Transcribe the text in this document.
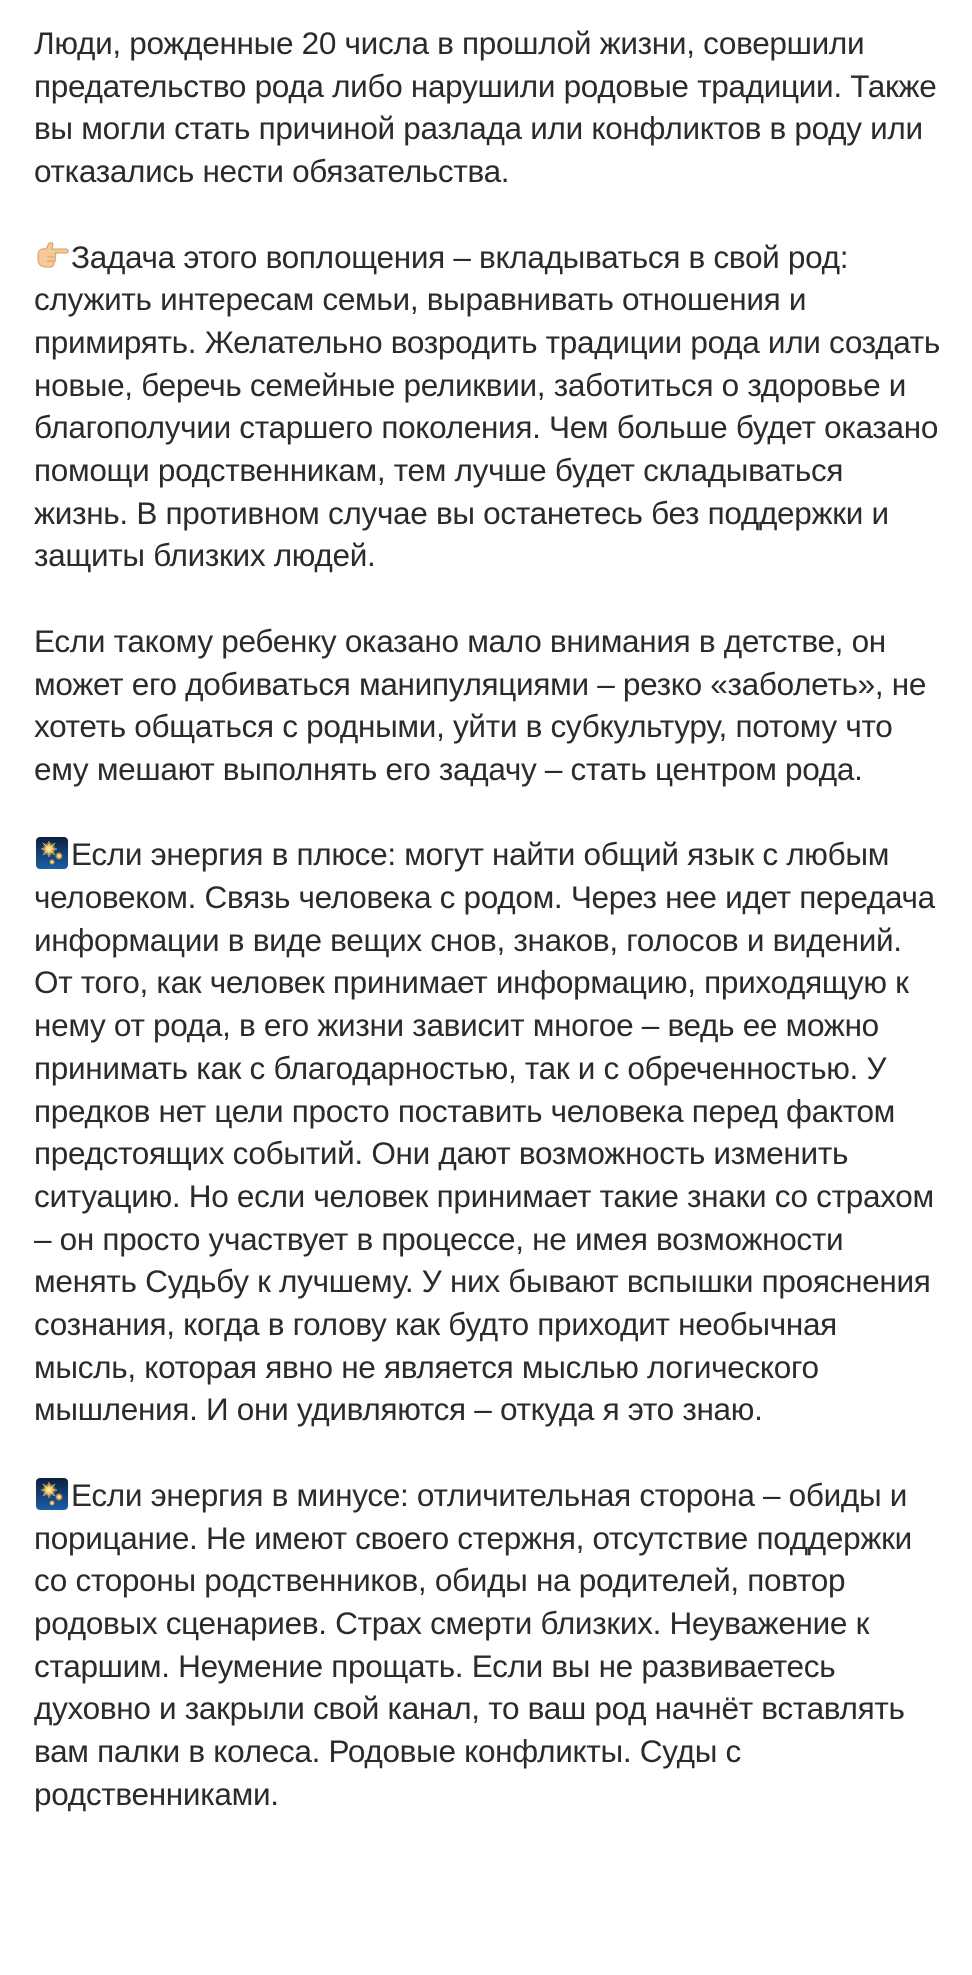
Люди, рожденные 20 числа в прошлой жизни, совершили предательство рода либо нарушили родовые традиции. Также вы могли стать причиной разлада или конфликтов в роду или отказались нести обязательства.

Задача этого воплощения – вкладываться в свой род: служить интересам семьи, выравнивать отношения и примирять. Желательно возродить традиции рода или создать новые, беречь семейные реликвии, заботиться о здоровье и благополучии старшего поколения. Чем больше будет оказано помощи родственникам, тем лучше будет складываться жизнь. В противном случае вы останетесь без поддержки и защиты близких людей.

Если такому ребенку оказано мало внимания в детстве, он может его добиваться манипуляциями – резко «заболеть», не хотеть общаться с родными, уйти в субкультуру, потому что ему мешают выполнять его задачу – стать центром рода.

Если энергия в плюсе: могут найти общий язык с любым человеком. Связь человека с родом. Через нее идет передача информации в виде вещих снов, знаков, голосов и видений. От того, как человек принимает информацию, приходящую к нему от рода, в его жизни зависит многое – ведь ее можно принимать как с благодарностью, так и с обреченностью. У предков нет цели просто поставить человека перед фактом предстоящих событий. Они дают возможность изменить ситуацию. Но если человек принимает такие знаки со страхом – он просто участвует в процессе, не имея возможности менять Судьбу к лучшему. У них бывают вспышки прояснения сознания, когда в голову как будто приходит необычная мысль, которая явно не является мыслью логического мышления. И они удивляются – откуда я это знаю.

Если энергия в минусе: отличительная сторона – обиды и порицание. Не имеют своего стержня, отсутствие поддержки со стороны родственников, обиды на родителей, повтор родовых сценариев. Страх смерти близких. Неуважение к старшим. Неумение прощать. Если вы не развиваетесь духовно и закрыли свой канал, то ваш род начнёт вставлять вам палки в колеса. Родовые конфликты. Суды с родственниками.
